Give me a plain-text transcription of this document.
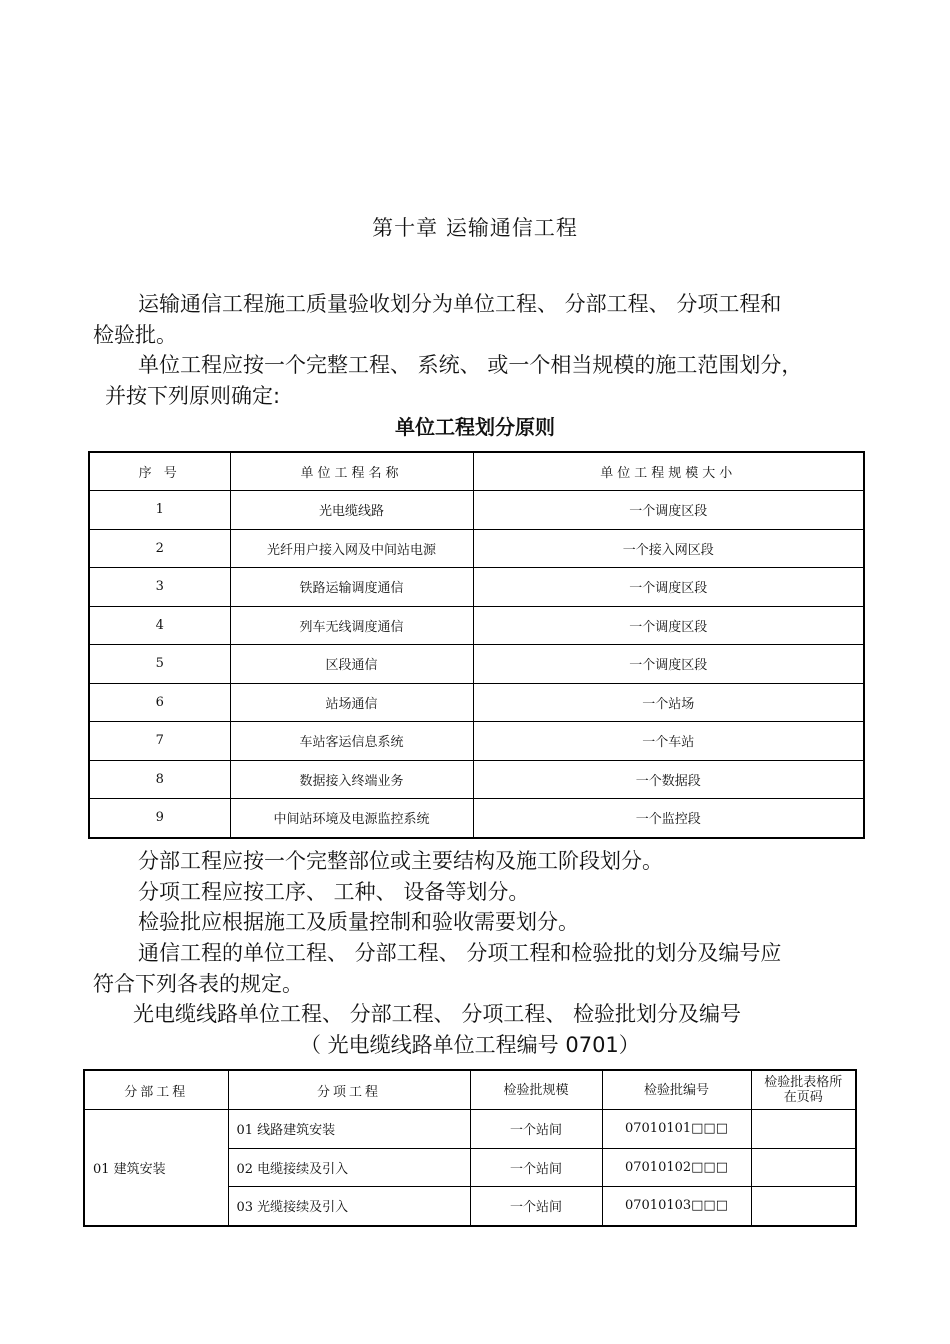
第十章 运输通信工程
运输通信工程施工质量验收划分为单位工程、 分部工程、 分项工程和
检验批。
单位工程应按一个完整工程、 系统、 或一个相当规模的施工范围划分，
并按下列原则确定:
单位工程划分原则
序 号	单位工程名称	单位工程规模大小
1	光电缆线路	一个调度区段
2	光纤用户接入网及中间站电源	一个接入网区段
3	铁路运输调度通信	一个调度区段
4	列车无线调度通信	一个调度区段
5	区段通信	一个调度区段
6	站场通信	一个站场
7	车站客运信息系统	一个车站
8	数据接入终端业务	一个数据段
9	中间站环境及电源监控系统	一个监控段
分部工程应按一个完整部位或主要结构及施工阶段划分。
分项工程应按工序、 工种、 设备等划分。
检验批应根据施工及质量控制和验收需要划分。
通信工程的单位工程、 分部工程、 分项工程和检验批的划分及编号应
符合下列各表的规定。
光电缆线路单位工程、 分部工程、 分项工程、 检验批划分及编号
（ 光电缆线路单位工程编号 0701）
分部工程	分项工程	检验批规模	检验批编号	检验批表格所在页码
01 建筑安装	01 线路建筑安装	一个站间	07010101□□□	
	02 电缆接续及引入	一个站间	07010102□□□	
	03 光缆接续及引入	一个站间	07010103□□□	
